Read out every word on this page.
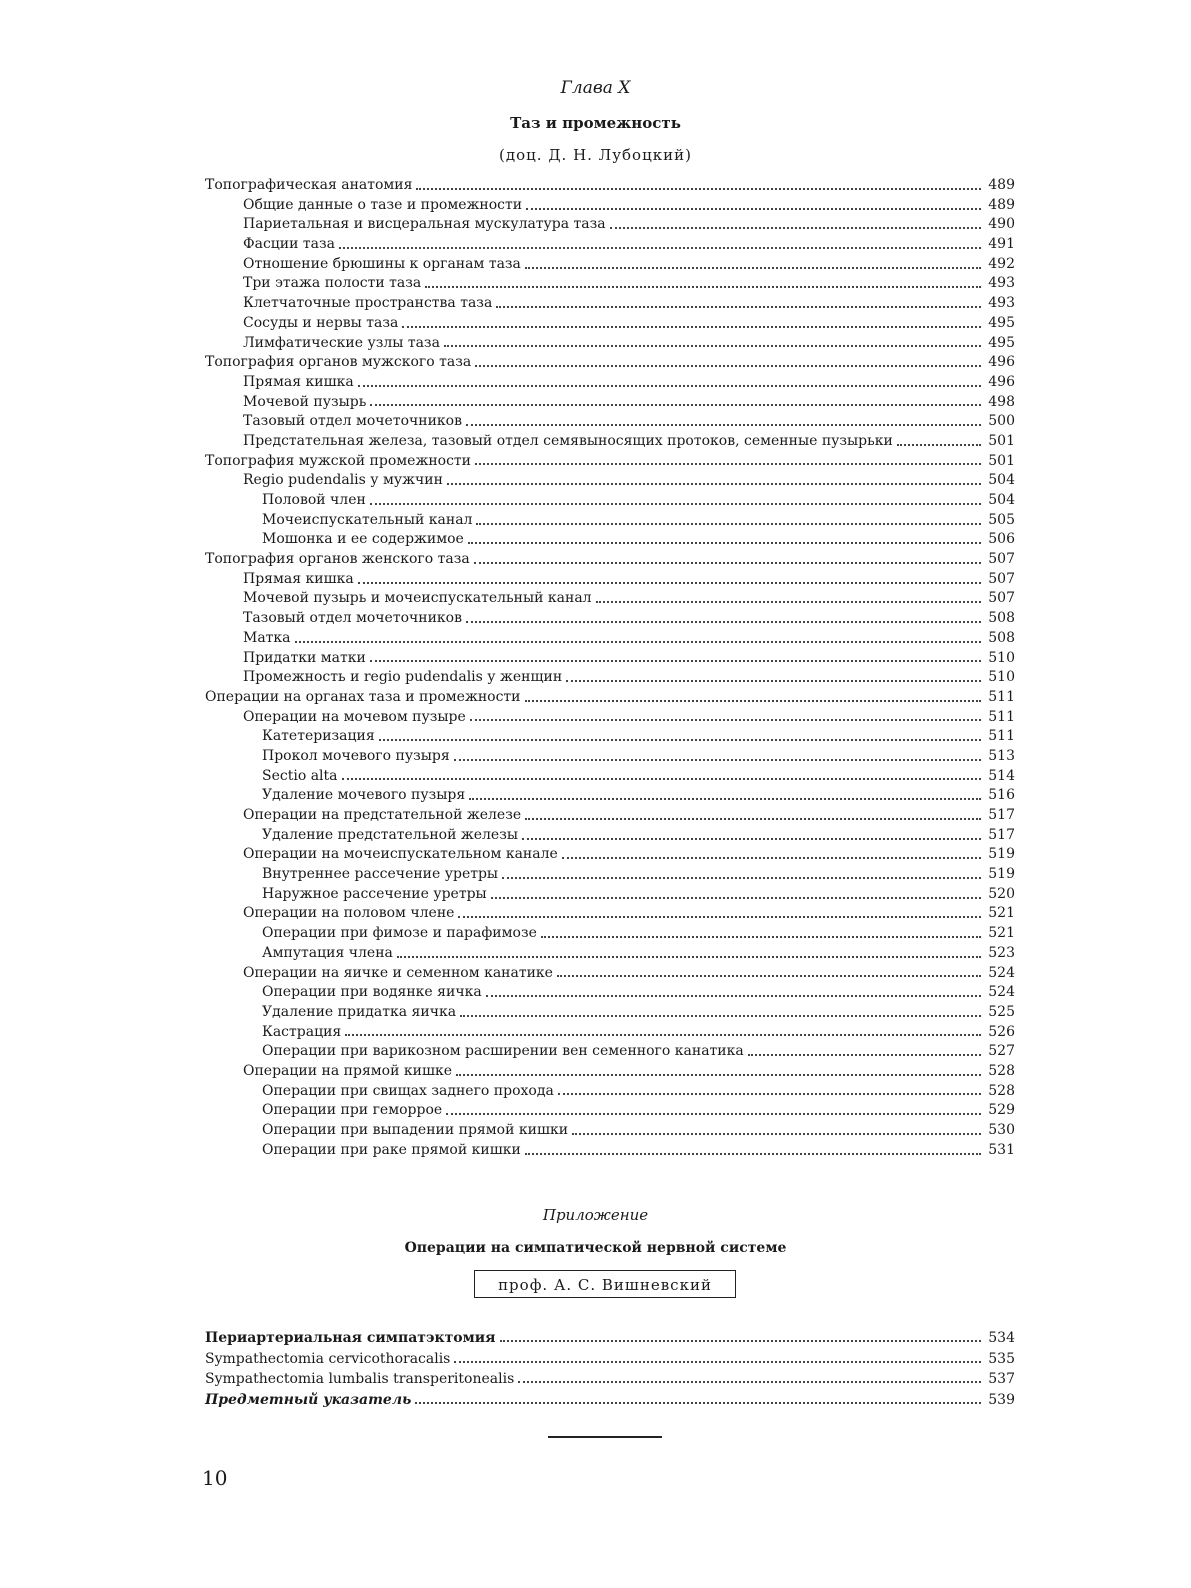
Глава X
Таз и промежность
(доц. Д. Н. Лубоцкий)
Топографическая анатомия	489
Общие данные о тазе и промежности	489
Париетальная и висцеральная мускулатура таза	490
Фасции таза	491
Отношение брюшины к органам таза	492
Три этажа полости таза	493
Клетчаточные пространства таза	493
Сосуды и нервы таза	495
Лимфатические узлы таза	495
Топография органов мужского таза	496
Прямая кишка	496
Мочевой пузырь	498
Тазовый отдел мочеточников	500
Предстательная железа, тазовый отдел семявыносящих протоков, семенные пузырьки	501
Топография мужской промежности	501
Regio pudendalis у мужчин	504
Половой член	504
Мочеиспускательный канал	505
Мошонка и ее содержимое	506
Топография органов женского таза	507
Прямая кишка	507
Мочевой пузырь и мочеиспускательный канал	507
Тазовый отдел мочеточников	508
Матка	508
Придатки матки	510
Промежность и regio pudendalis у женщин	510
Операции на органах таза и промежности	511
Операции на мочевом пузыре	511
Катетеризация	511
Прокол мочевого пузыря	513
Sectio alta	514
Удаление мочевого пузыря	516
Операции на предстательной железе	517
Удаление предстательной железы	517
Операции на мочеиспускательном канале	519
Внутреннее рассечение уретры	519
Наружное рассечение уретры	520
Операции на половом члене	521
Операции при фимозе и парафимозе	521
Ампутация члена	523
Операции на яичке и семенном канатике	524
Операции при водянке яичка	524
Удаление придатка яичка	525
Кастрация	526
Операции при варикозном расширении вен семенного канатика	527
Операции на прямой кишке	528
Операции при свищах заднего прохода	528
Операции при геморрое	529
Операции при выпадении прямой кишки	530
Операции при раке прямой кишки	531
Приложение
Операции на симпатической нервной системе
проф. А. С. Вишневский
Периартериальная симпатэктомия	534
Sympathectomia cervicothoracalis	535
Sympathectomia lumbalis transperitonealis	537
Предметный указатель	539
10
